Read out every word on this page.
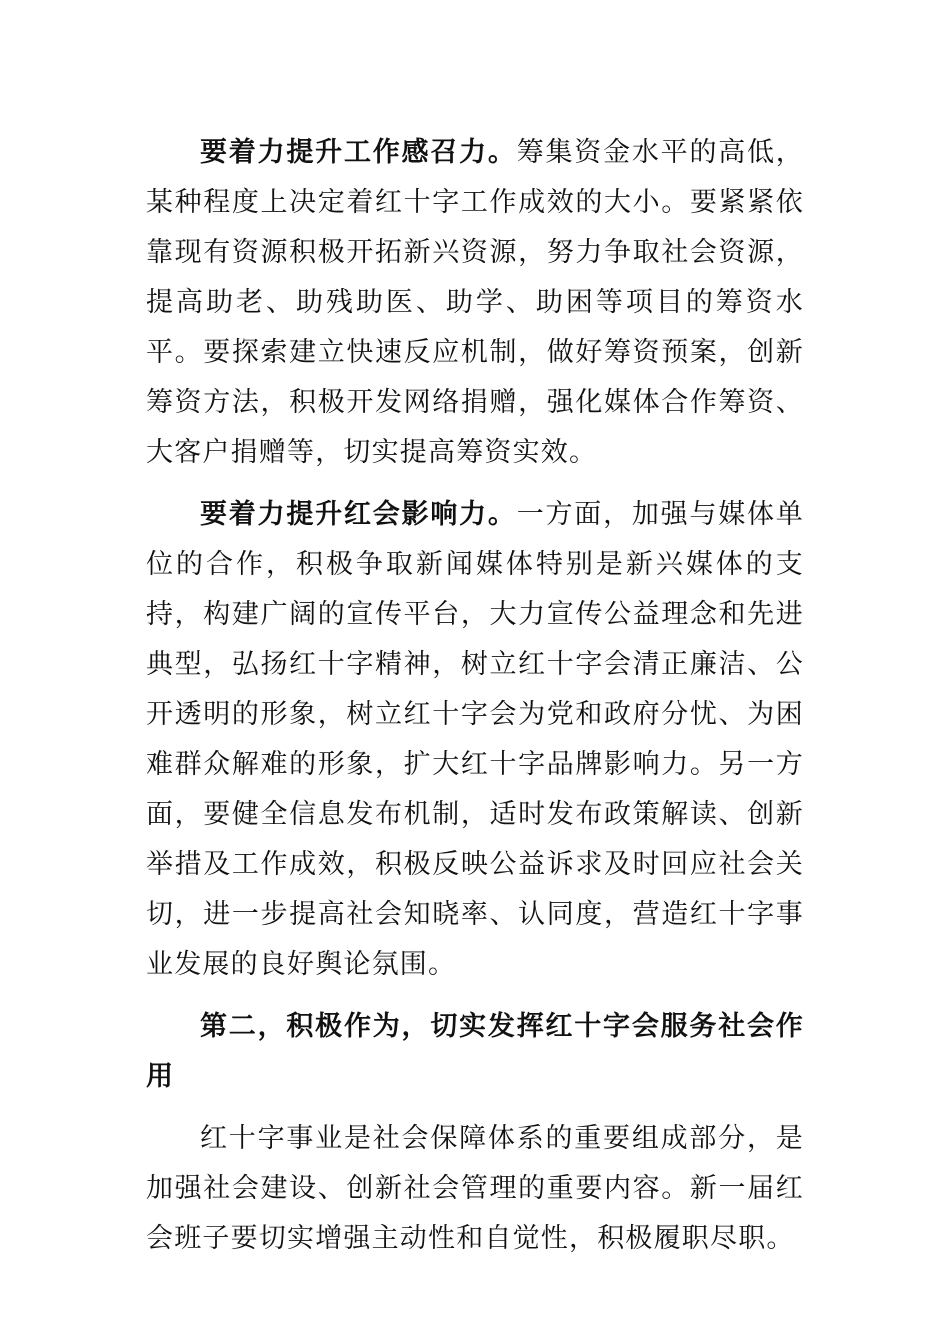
要着力提升工作感召力。筹集资金水平的高低，某种程度上决定着红十字工作成效的大小。要紧紧依靠现有资源积极开拓新兴资源，努力争取社会资源，提高助老、助残助医、助学、助困等项目的筹资水平。要探索建立快速反应机制，做好筹资预案，创新筹资方法，积极开发网络捐赠，强化媒体合作筹资、大客户捐赠等，切实提高筹资实效。

要着力提升红会影响力。一方面，加强与媒体单位的合作，积极争取新闻媒体特别是新兴媒体的支持，构建广阔的宣传平台，大力宣传公益理念和先进典型，弘扬红十字精神，树立红十字会清正廉洁、公开透明的形象，树立红十字会为党和政府分忧、为困难群众解难的形象，扩大红十字品牌影响力。另一方面，要健全信息发布机制，适时发布政策解读、创新举措及工作成效，积极反映公益诉求及时回应社会关切，进一步提高社会知晓率、认同度，营造红十字事业发展的良好舆论氛围。

第二，积极作为，切实发挥红十字会服务社会作用

红十字事业是社会保障体系的重要组成部分，是加强社会建设、创新社会管理的重要内容。新一届红会班子要切实增强主动性和自觉性，积极履职尽职。
